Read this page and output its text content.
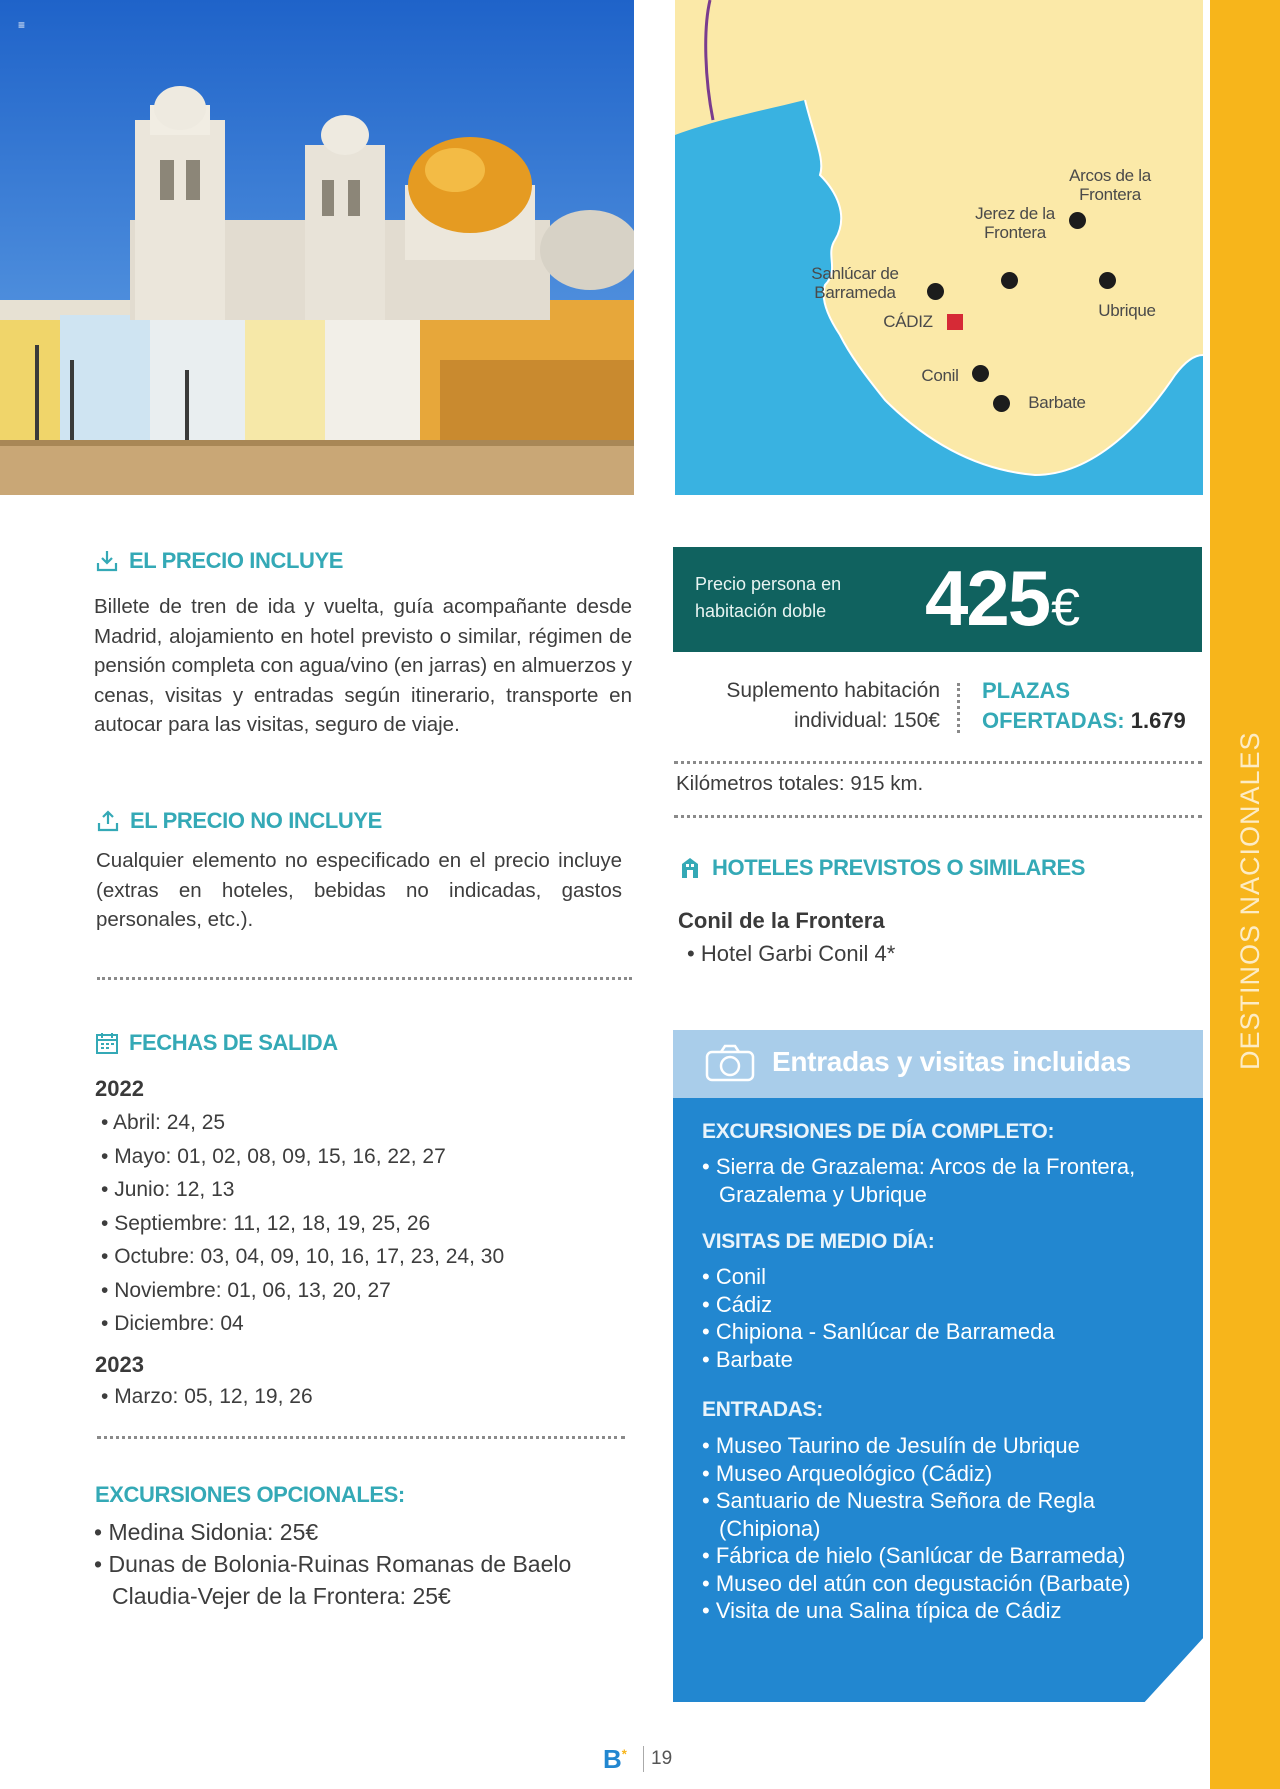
≡
Arcos de la Frontera
Jerez de la Frontera
Ubrique
Sanlúcar de Barrameda
CÁDIZ
Conil
Barbate
DESTINOS NACIONALES
EL PRECIO INCLUYE
Billete de tren de ida y vuelta, guía acompañante desde Madrid, alojamiento en hotel previsto o similar, régimen de pensión completa con agua/vino (en jarras) en almuerzos y cenas, visitas y entradas según itinerario, transporte en autocar para las visitas, seguro de viaje.
EL PRECIO NO INCLUYE
Cualquier elemento no especificado en el precio incluye (extras en hoteles, bebidas no indicadas, gastos personales, etc.).
FECHAS DE SALIDA
2022
• Abril: 24, 25
• Mayo: 01, 02, 08, 09, 15, 16, 22, 27
• Junio: 12, 13
• Septiembre: 11, 12, 18, 19, 25, 26
• Octubre: 03, 04, 09, 10, 16, 17, 23, 24, 30
• Noviembre: 01, 06, 13, 20, 27
• Diciembre: 04
2023
• Marzo: 05, 12, 19, 26
EXCURSIONES OPCIONALES:
• Medina Sidonia: 25€
• Dunas de Bolonia-Ruinas Romanas de Baelo Claudia-Vejer de la Frontera: 25€
Precio persona en habitación doble	425€
Suplemento habitación individual: 150€
PLAZAS OFERTADAS: 1.679
Kilómetros totales: 915 km.
HOTELES PREVISTOS O SIMILARES
Conil de la Frontera
• Hotel Garbi Conil 4*
Entradas y visitas incluidas
EXCURSIONES DE DÍA COMPLETO:
• Sierra de Grazalema: Arcos de la Frontera, Grazalema y Ubrique
VISITAS DE MEDIO DÍA:
• Conil
• Cádiz
• Chipiona - Sanlúcar de Barrameda
• Barbate
ENTRADAS:
• Museo Taurino de Jesulín de Ubrique
• Museo Arqueológico (Cádiz)
• Santuario de Nuestra Señora de Regla (Chipiona)
• Fábrica de hielo (Sanlúcar de Barrameda)
• Museo del atún con degustación (Barbate)
• Visita de una Salina típica de Cádiz
B* 19
